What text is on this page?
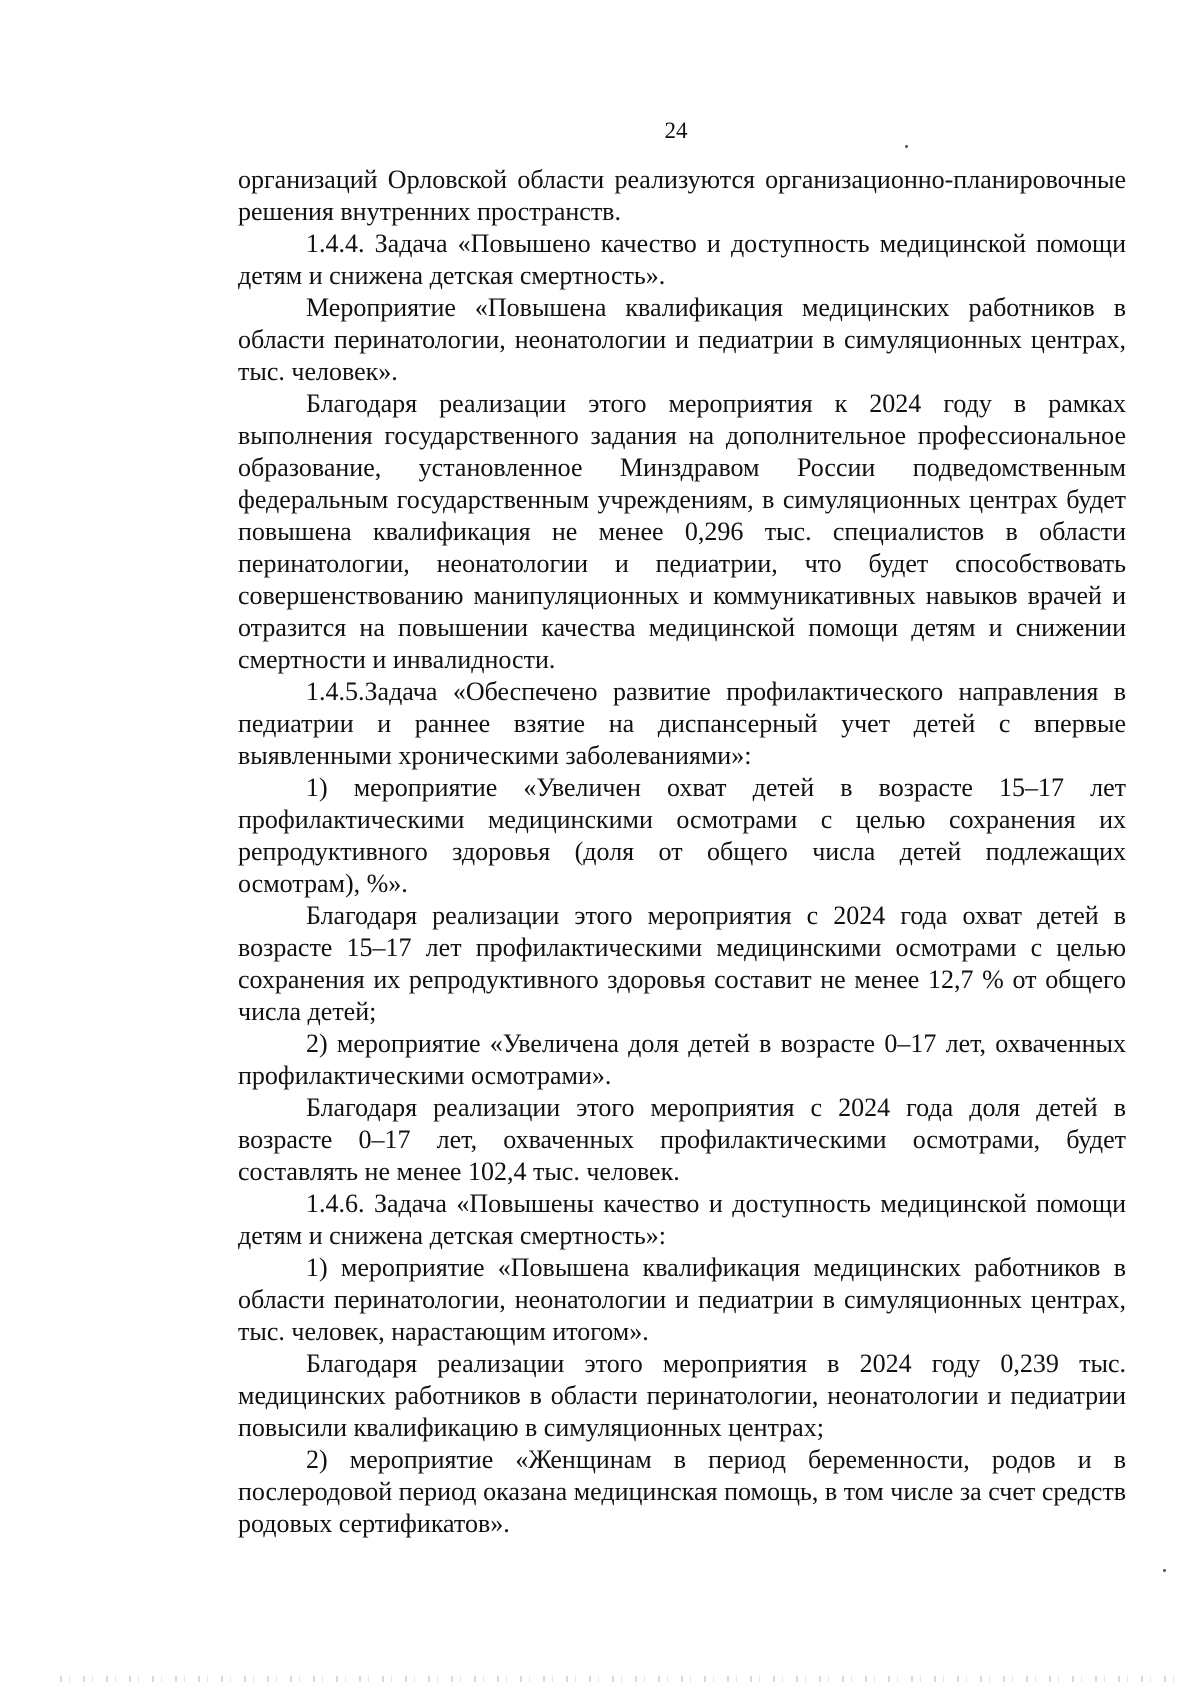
24

организаций Орловской области реализуются организационно-планировочные решения внутренних пространств.

1.4.4. Задача «Повышено качество и доступность медицинской помощи детям и снижена детская смертность».

Мероприятие «Повышена квалификация медицинских работников в области перинатологии, неонатологии и педиатрии в симуляционных центрах, тыс. человек».

Благодаря реализации этого мероприятия к 2024 году в рамках выполнения государственного задания на дополнительное профессиональное образование, установленное Минздравом России подведомственным федеральным государственным учреждениям, в симуляционных центрах будет повышена квалификация не менее 0,296 тыс. специалистов в области перинатологии, неонатологии и педиатрии, что будет способствовать совершенствованию манипуляционных и коммуникативных навыков врачей и отразится на повышении качества медицинской помощи детям и снижении смертности и инвалидности.

1.4.5.Задача «Обеспечено развитие профилактического направления в педиатрии и раннее взятие на диспансерный учет детей с впервые выявленными хроническими заболеваниями»:

1) мероприятие «Увеличен охват детей в возрасте 15–17 лет профилактическими медицинскими осмотрами с целью сохранения их репродуктивного здоровья (доля от общего числа детей подлежащих осмотрам), %».

Благодаря реализации этого мероприятия с 2024 года охват детей в возрасте 15–17 лет профилактическими медицинскими осмотрами с целью сохранения их репродуктивного здоровья составит не менее 12,7 % от общего числа детей;

2) мероприятие «Увеличена доля детей в возрасте 0–17 лет, охваченных профилактическими осмотрами».

Благодаря реализации этого мероприятия с 2024 года доля детей в возрасте 0–17 лет, охваченных профилактическими осмотрами, будет составлять не менее 102,4 тыс. человек.

1.4.6. Задача «Повышены качество и доступность медицинской помощи детям и снижена детская смертность»:

1) мероприятие «Повышена квалификация медицинских работников в области перинатологии, неонатологии и педиатрии в симуляционных центрах, тыс. человек, нарастающим итогом».

Благодаря реализации этого мероприятия в 2024 году 0,239 тыс. медицинских работников в области перинатологии, неонатологии и педиатрии повысили квалификацию в симуляционных центрах;

2) мероприятие «Женщинам в период беременности, родов и в послеродовой период оказана медицинская помощь, в том числе за счет средств родовых сертификатов».
